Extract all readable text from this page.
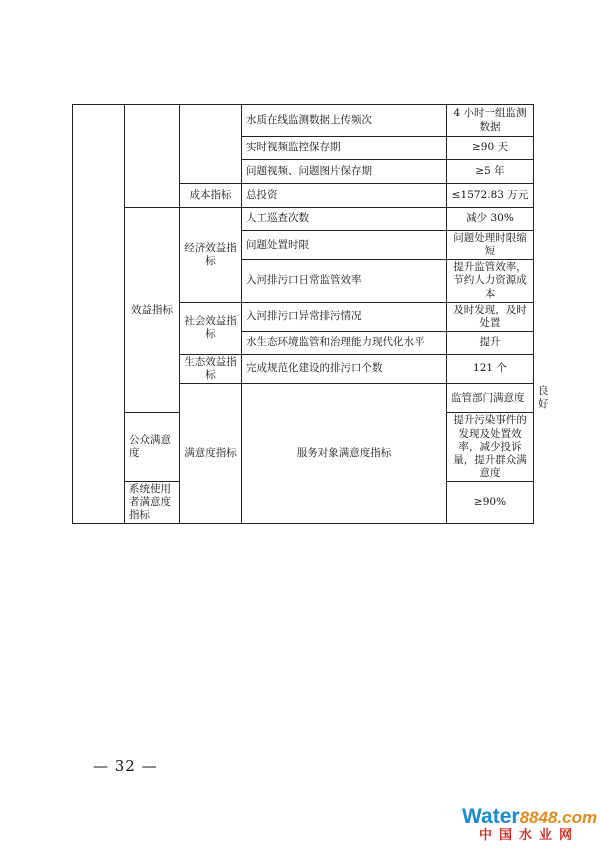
			水质在线监测数据上传频次	4 小时一组监测数据	
			实时视频监控保存期	≥90 天	
			问题视频、问题图片保存期	≥5 年	
		成本指标	总投资	≤1572.83 万元	
	效益指标	经济效益指标	人工巡查次数	减少 30%	
			问题处置时限	问题处理时限缩短	
			入河排污口日常监管效率	提升监管效率，节约人力资源成本	
		社会效益指标	入河排污口异常排污情况	及时发现，及时处置	
			水生态环境监管和治理能力现代化水平	提升	
		生态效益指标	完成规范化建设的排污口个数	121 个	
		满意度指标	服务对象满意度指标	监管部门满意度	良好
	公众满意度			提升污染事件的发现及处置效率，减少投诉量，提升群众满意度	
	系统使用者满意度指标			≥90%	
— 32 —
Water8848.com
中国水业网
